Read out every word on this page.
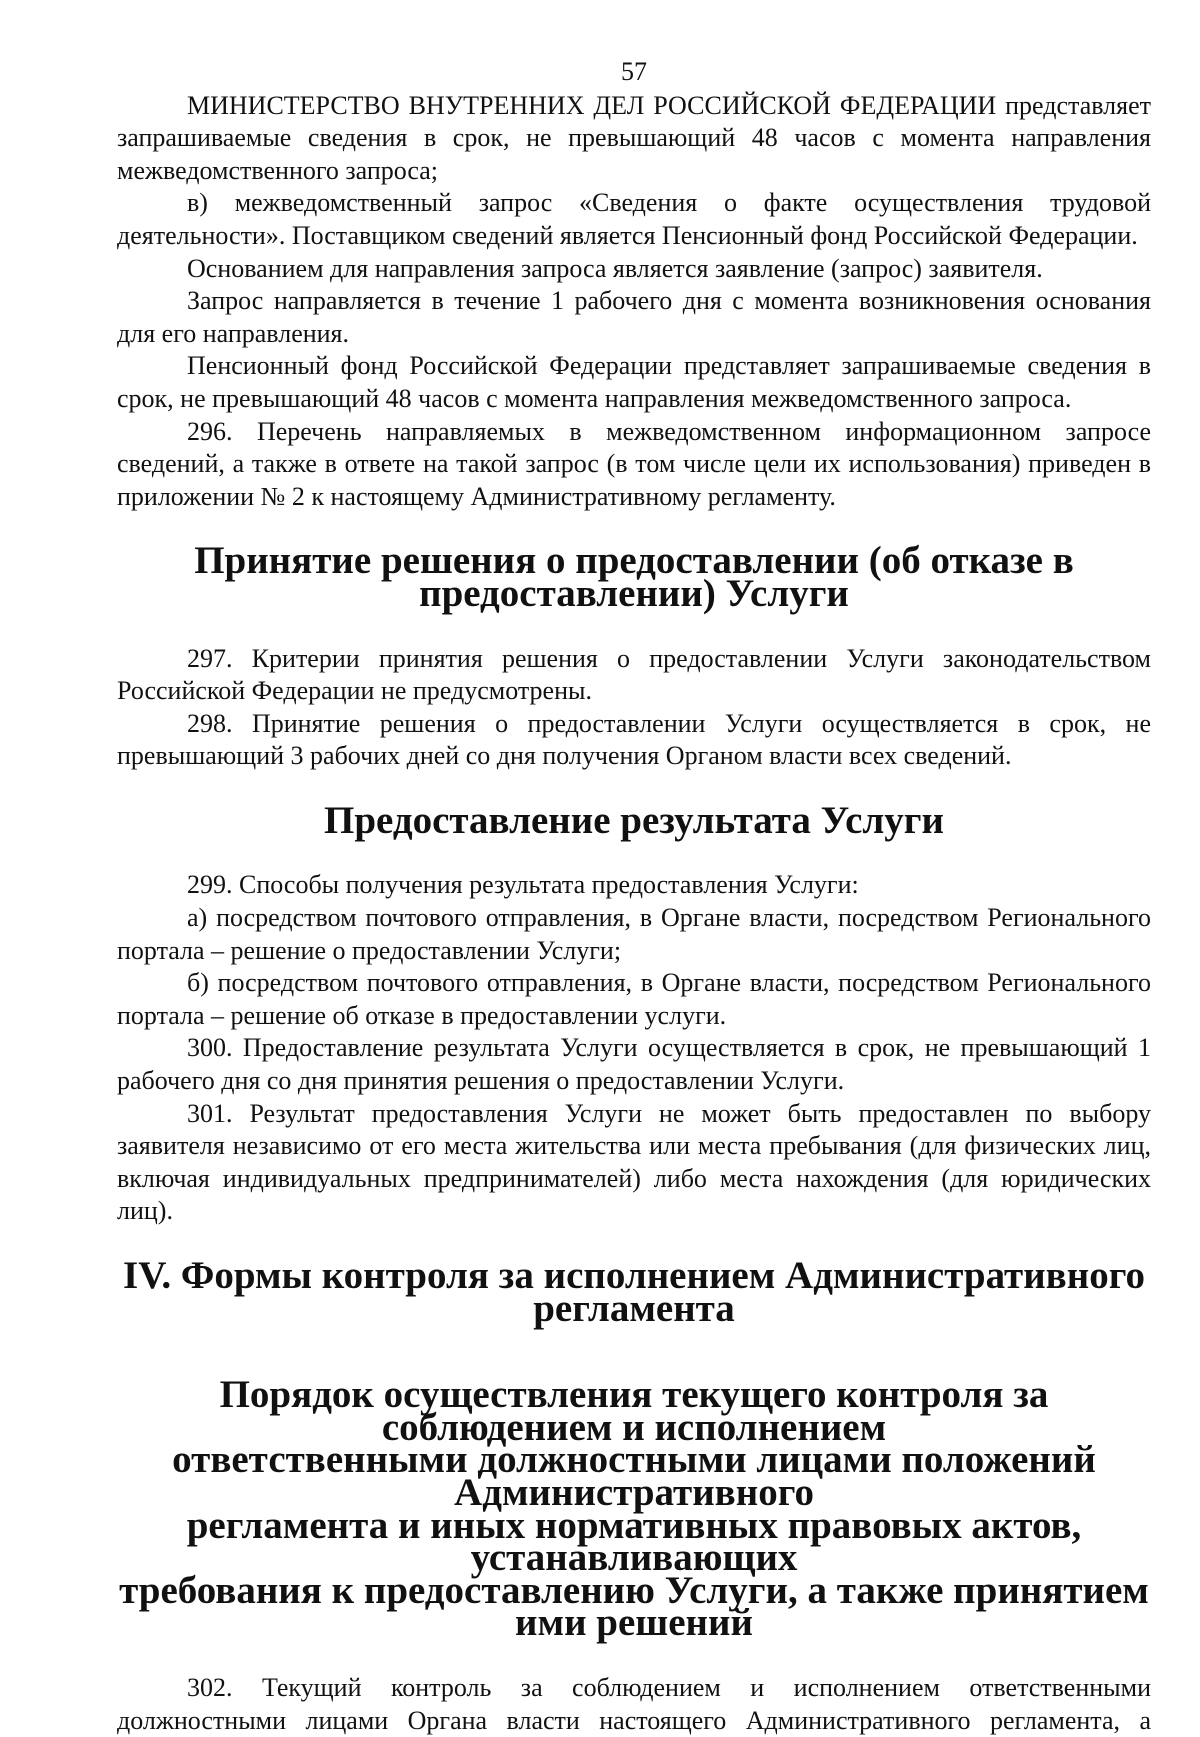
57

МИНИСТЕРСТВО ВНУТРЕННИХ ДЕЛ РОССИЙСКОЙ ФЕДЕРАЦИИ представляет запрашиваемые сведения в срок, не превышающий 48 часов с момента направления межведомственного запроса;

в) межведомственный запрос «Сведения о факте осуществления трудовой деятельности». Поставщиком сведений является Пенсионный фонд Российской Федерации.

Основанием для направления запроса является заявление (запрос) заявителя.

Запрос направляется в течение 1 рабочего дня с момента возникновения основания для его направления.

Пенсионный фонд Российской Федерации представляет запрашиваемые сведения в срок, не превышающий 48 часов с момента направления межведомственного запроса.

296. Перечень направляемых в межведомственном информационном запросе сведений, а также в ответе на такой запрос (в том числе цели их использования) приведен в приложении № 2 к настоящему Административному регламенту.

Принятие решения о предоставлении (об отказе в предоставлении) Услуги

297. Критерии принятия решения о предоставлении Услуги законодательством Российской Федерации не предусмотрены.

298. Принятие решения о предоставлении Услуги осуществляется в срок, не превышающий 3 рабочих дней со дня получения Органом власти всех сведений.

Предоставление результата Услуги

299. Способы получения результата предоставления Услуги:

а) посредством почтового отправления, в Органе власти, посредством Регионального портала – решение о предоставлении Услуги;

б) посредством почтового отправления, в Органе власти, посредством Регионального портала – решение об отказе в предоставлении услуги.

300. Предоставление результата Услуги осуществляется в срок, не превышающий 1 рабочего дня со дня принятия решения о предоставлении Услуги.

301. Результат предоставления Услуги не может быть предоставлен по выбору заявителя независимо от его места жительства или места пребывания (для физических лиц, включая индивидуальных предпринимателей) либо места нахождения (для юридических лиц).

IV. Формы контроля за исполнением Административного регламента
Порядок осуществления текущего контроля за соблюдением и исполнением
ответственными должностными лицами положений Административного
регламента и иных нормативных правовых актов, устанавливающих
требования к предоставлению Услуги, а также принятием ими решений

302. Текущий контроль за соблюдением и исполнением ответственными должностными лицами Органа власти настоящего Административного регламента, а
